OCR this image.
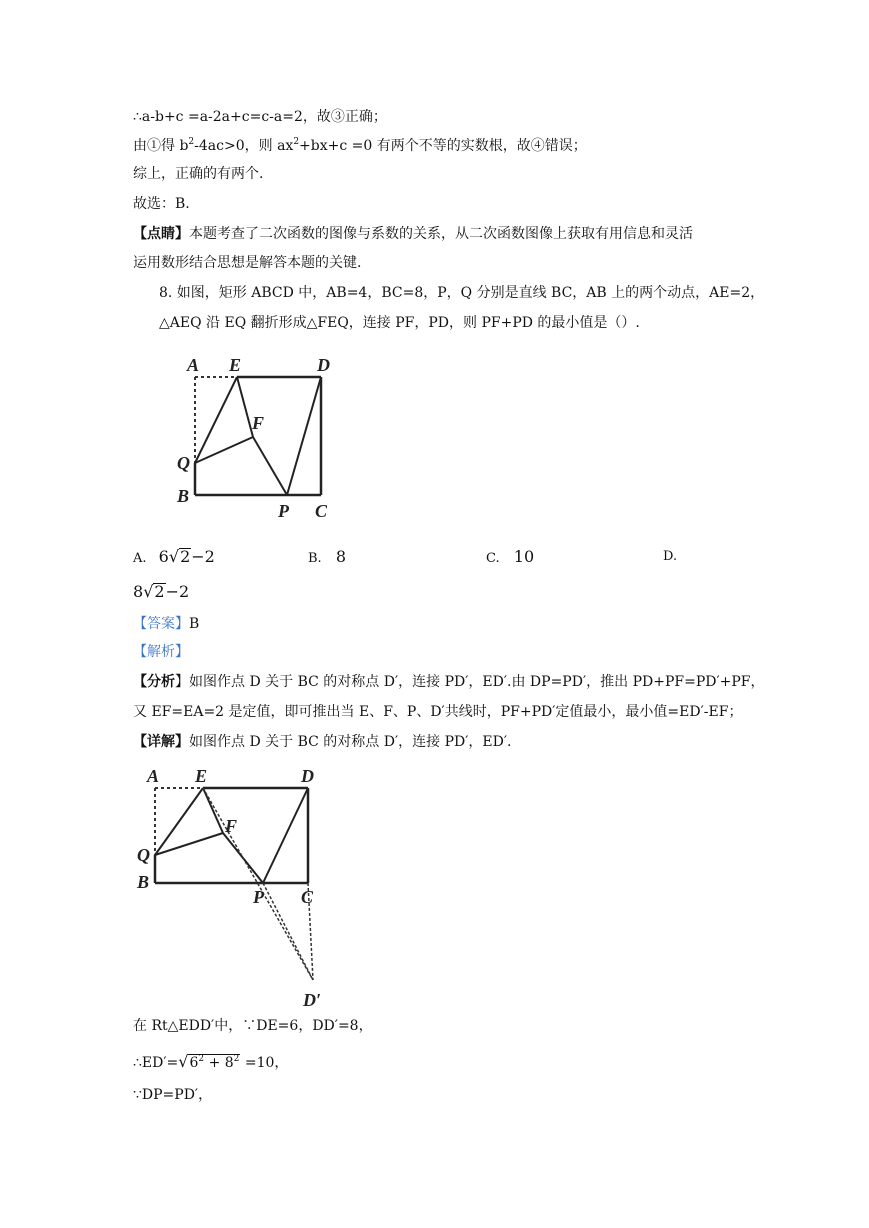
∴a-b+c =a-2a+c=c-a=2，故③正确；
由①得 $b^2-4ac>0$，则 $ax^2+bx+c =0$ 有两个不等的实数根，故④错误；
综上，正确的有两个.
故选：B.
【点睛】本题考查了二次函数的图像与系数的关系，从二次函数图像上获取有用信息和灵活
运用数形结合思想是解答本题的关键.
8. 如图，矩形 ABCD 中，AB=4，BC=8，P，Q 分别是直线 BC，AB 上的两个动点，AE=2，
△AEQ 沿 EQ 翻折形成△FEQ，连接 PF，PD，则 PF+PD 的最小值是（）.
A E	D
F
Q
B
P C
A. 6√2−2	B. 8	C. 10	D.
8√2−2
【答案】B
【解析】
【分析】如图作点 D 关于 BC 的对称点 D′，连接 PD′，ED′.由 DP=PD′，推出 PD+PF=PD′+PF，
又 EF=EA=2 是定值，即可推出当 E、F、P、D′共线时，PF+PD′定值最小，最小值=ED′-EF；
【详解】如图作点 D 关于 BC 的对称点 D′，连接 PD′，ED′.
A E	D
F
Q
B
P C
D′
在 Rt△EDD′中，∵DE=6，DD′=8，
$\therefore ED'=√6^2 + 8^2 =10$，
∵DP=PD′，
